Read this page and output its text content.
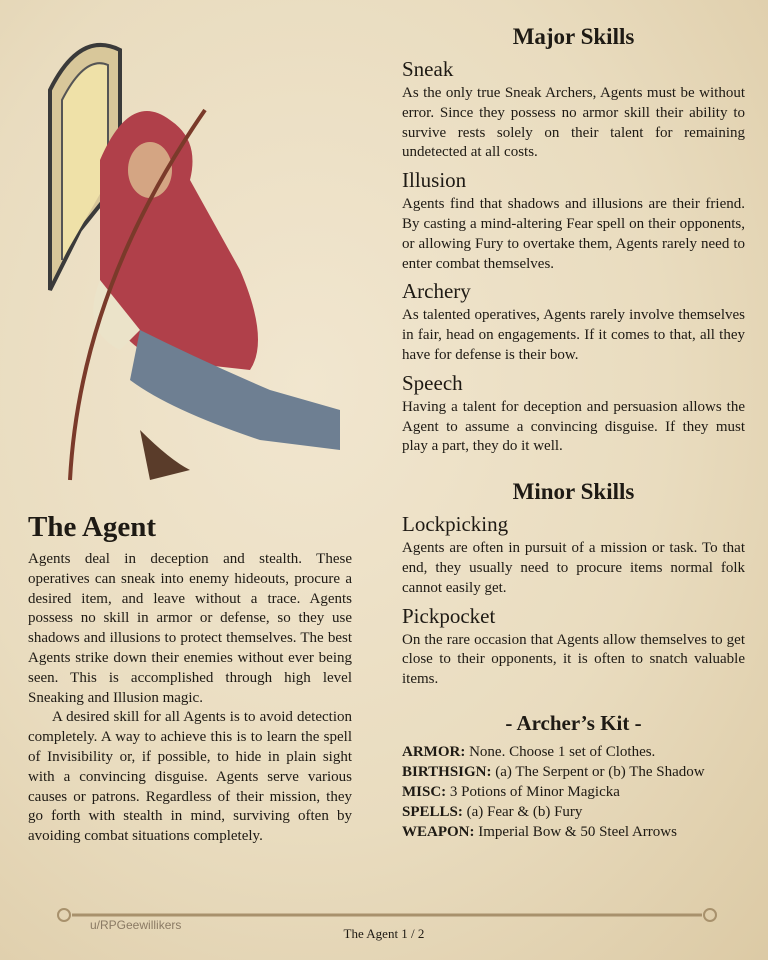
The Agent

Agents deal in deception and stealth. These operatives can sneak into enemy hideouts, procure a desired item, and leave without a trace. Agents possess no skill in armor or defense, so they use shadows and illusions to protect themselves. The best Agents strike down their enemies without ever being seen. This is accomplished through high level Sneaking and Illusion magic.

A desired skill for all Agents is to avoid detection completely. A way to achieve this is to learn the spell of Invisibility or, if possible, to hide in plain sight with a convincing disguise. Agents serve various causes or patrons. Regardless of their mission, they go forth with stealth in mind, surviving often by avoiding combat situations completely.

Major Skills
Sneak

As the only true Sneak Archers, Agents must be without error. Since they possess no armor skill their ability to survive rests solely on their talent for remaining undetected at all costs.

Illusion

Agents find that shadows and illusions are their friend. By casting a mind-altering Fear spell on their opponents, or allowing Fury to overtake them, Agents rarely need to enter combat themselves.

Archery

As talented operatives, Agents rarely involve themselves in fair, head on engagements. If it comes to that, all they have for defense is their bow.

Speech

Having a talent for deception and persuasion allows the Agent to assume a convincing disguise. If they must play a part, they do it well.

Minor Skills
Lockpicking

Agents are often in pursuit of a mission or task. To that end, they usually need to procure items normal folk cannot easily get.

Pickpocket

On the rare occasion that Agents allow themselves to get close to their opponents, it is often to snatch valuable items.

- Archer’s Kit -

ARMOR: None. Choose 1 set of Clothes.

BIRTHSIGN: (a) The Serpent or (b) The Shadow

MISC: 3 Potions of Minor Magicka

SPELLS: (a) Fear & (b) Fury

WEAPON: Imperial Bow & 50 Steel Arrows

u/RPGeewillikers
The Agent 1 / 2
